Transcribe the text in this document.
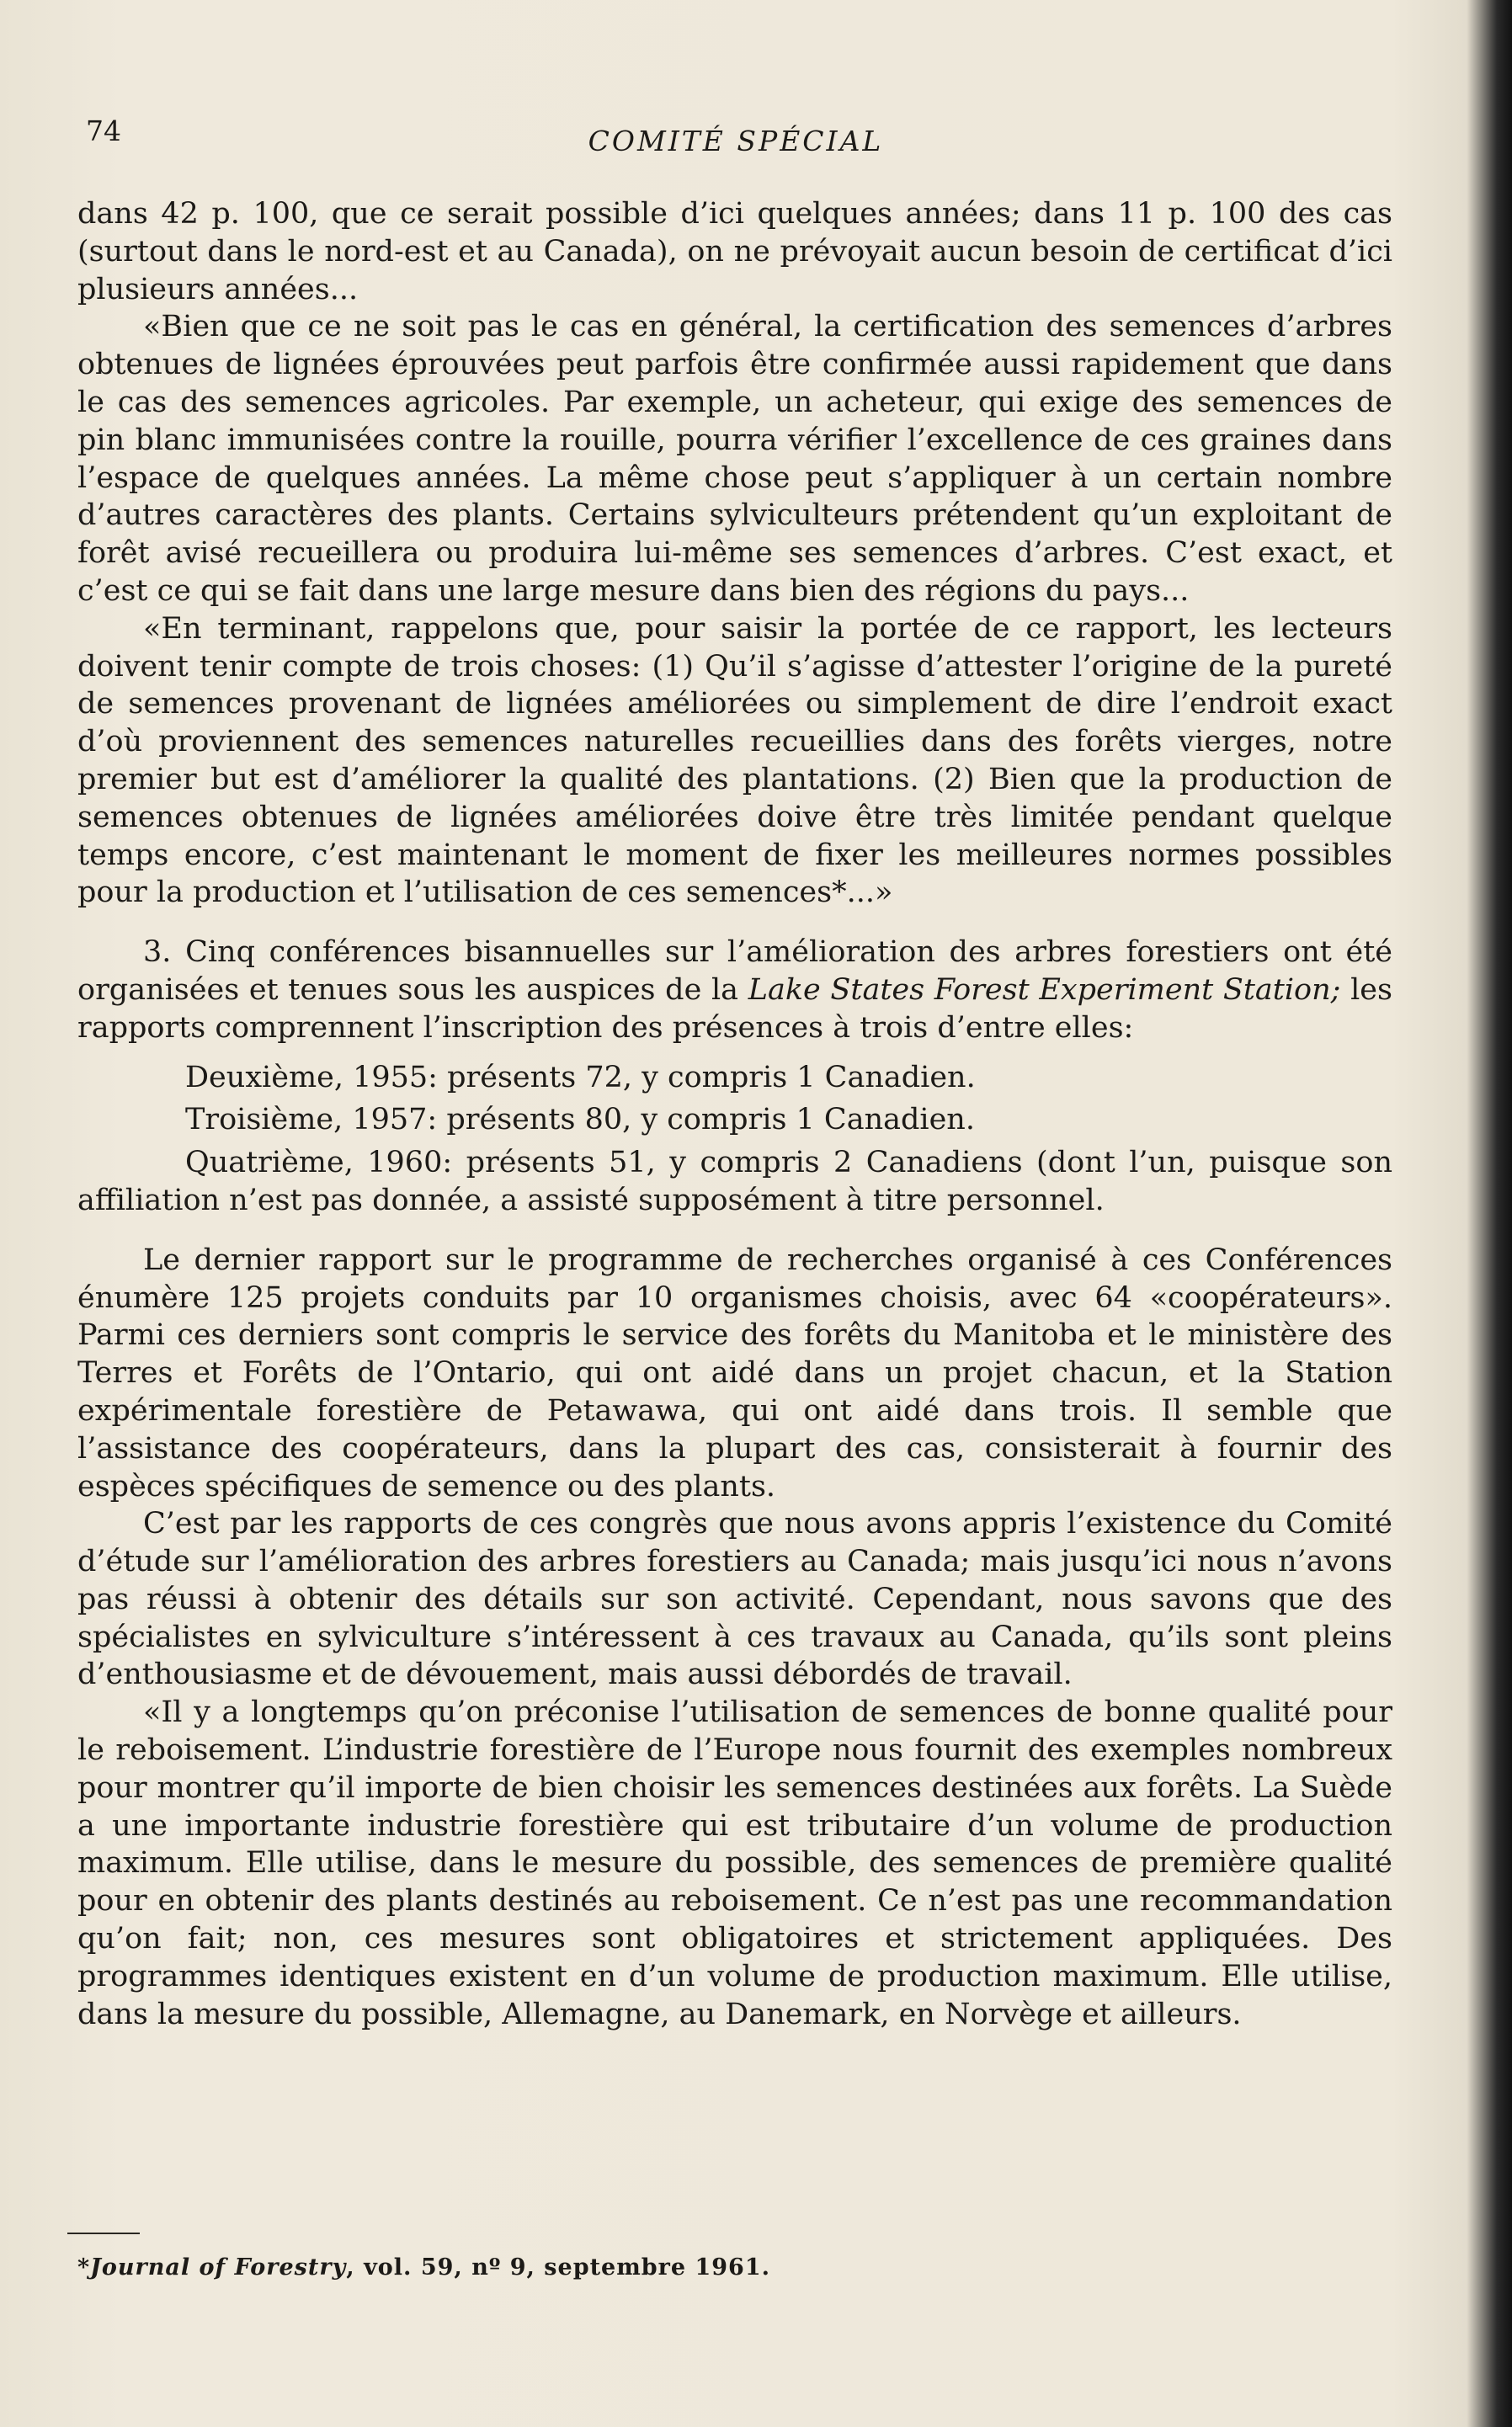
74	COMITÉ SPÉCIAL

dans 42 p. 100, que ce serait possible d’ici quelques années; dans 11 p. 100 des cas (surtout dans le nord-est et au Canada), on ne prévoyait aucun besoin de certificat d’ici plusieurs années...

«Bien que ce ne soit pas le cas en général, la certification des semences d’arbres obtenues de lignées éprouvées peut parfois être confirmée aussi rapidement que dans le cas des semences agricoles. Par exemple, un acheteur, qui exige des semences de pin blanc immunisées contre la rouille, pourra vérifier l’excellence de ces graines dans l’espace de quelques années. La même chose peut s’appliquer à un certain nombre d’autres caractères des plants. Certains sylviculteurs prétendent qu’un exploitant de forêt avisé recueillera ou produira lui-même ses semences d’arbres. C’est exact, et c’est ce qui se fait dans une large mesure dans bien des régions du pays...

«En terminant, rappelons que, pour saisir la portée de ce rapport, les lecteurs doivent tenir compte de trois choses: (1) Qu’il s’agisse d’attester l’origine de la pureté de semences provenant de lignées améliorées ou simplement de dire l’endroit exact d’où proviennent des semences naturelles recueillies dans des forêts vierges, notre premier but est d’améliorer la qualité des plantations. (2) Bien que la production de semences obtenues de lignées améliorées doive être très limitée pendant quelque temps encore, c’est maintenant le moment de fixer les meilleures normes possibles pour la production et l’utilisation de ces semences*...»

3. Cinq conférences bisannuelles sur l’amélioration des arbres forestiers ont été organisées et tenues sous les auspices de la Lake States Forest Experiment Station; les rapports comprennent l’inscription des présences à trois d’entre elles:

Deuxième, 1955: présents 72, y compris 1 Canadien.

Troisième, 1957: présents 80, y compris 1 Canadien.

Quatrième, 1960: présents 51, y compris 2 Canadiens (dont l’un, puisque son affiliation n’est pas donnée, a assisté supposément à titre personnel.

Le dernier rapport sur le programme de recherches organisé à ces Conférences énumère 125 projets conduits par 10 organismes choisis, avec 64 «coopérateurs». Parmi ces derniers sont compris le service des forêts du Manitoba et le ministère des Terres et Forêts de l’Ontario, qui ont aidé dans un projet chacun, et la Station expérimentale forestière de Petawawa, qui ont aidé dans trois. Il semble que l’assistance des coopérateurs, dans la plupart des cas, consisterait à fournir des espèces spécifiques de semence ou des plants.

C’est par les rapports de ces congrès que nous avons appris l’existence du Comité d’étude sur l’amélioration des arbres forestiers au Canada; mais jusqu’ici nous n’avons pas réussi à obtenir des détails sur son activité. Cependant, nous savons que des spécialistes en sylviculture s’intéressent à ces travaux au Canada, qu’ils sont pleins d’enthousiasme et de dévouement, mais aussi débordés de travail.

«Il y a longtemps qu’on préconise l’utilisation de semences de bonne qualité pour le reboisement. L’industrie forestière de l’Europe nous fournit des exemples nombreux pour montrer qu’il importe de bien choisir les semences destinées aux forêts. La Suède a une importante industrie forestière qui est tributaire d’un volume de production maximum. Elle utilise, dans le mesure du possible, des semences de première qualité pour en obtenir des plants destinés au reboisement. Ce n’est pas une recommandation qu’on fait; non, ces mesures sont obligatoires et strictement appliquées. Des programmes identiques existent en d’un volume de production maximum. Elle utilise, dans la mesure du possible, Allemagne, au Danemark, en Norvège et ailleurs.

*Journal of Forestry, vol. 59, nº 9, septembre 1961.
